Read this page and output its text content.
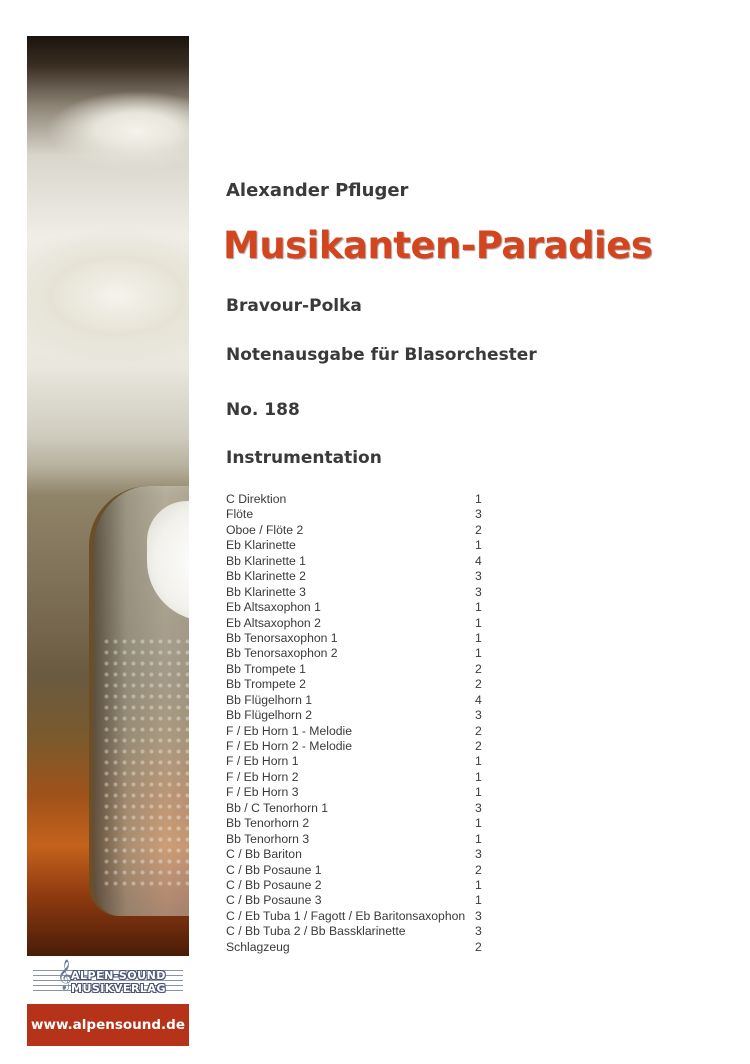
𝄞
ALPEN-SOUND
MUSIKVERLAG
www.alpensound.de
Alexander Pfluger
Musikanten-Paradies
Bravour-Polka
Notenausgabe für Blasorchester
No. 188
Instrumentation
C Direktion	1
Flöte	3
Oboe / Flöte 2	2
Eb Klarinette	1
Bb Klarinette 1	4
Bb Klarinette 2	3
Bb Klarinette 3	3
Eb Altsaxophon 1	1
Eb Altsaxophon 2	1
Bb Tenorsaxophon 1	1
Bb Tenorsaxophon 2	1
Bb Trompete 1	2
Bb Trompete 2	2
Bb Flügelhorn 1	4
Bb Flügelhorn 2	3
F / Eb Horn 1 - Melodie	2
F / Eb Horn 2 - Melodie	2
F / Eb Horn 1	1
F / Eb Horn 2	1
F / Eb Horn 3	1
Bb / C Tenorhorn 1	3
Bb Tenorhorn 2	1
Bb Tenorhorn 3	1
C / Bb Bariton	3
C / Bb Posaune 1	2
C / Bb Posaune 2	1
C / Bb Posaune 3	1
C / Eb Tuba 1 / Fagott / Eb Baritonsaxophon 3
C / Bb Tuba 2 / Bb Bassklarinette	3
Schlagzeug	2
